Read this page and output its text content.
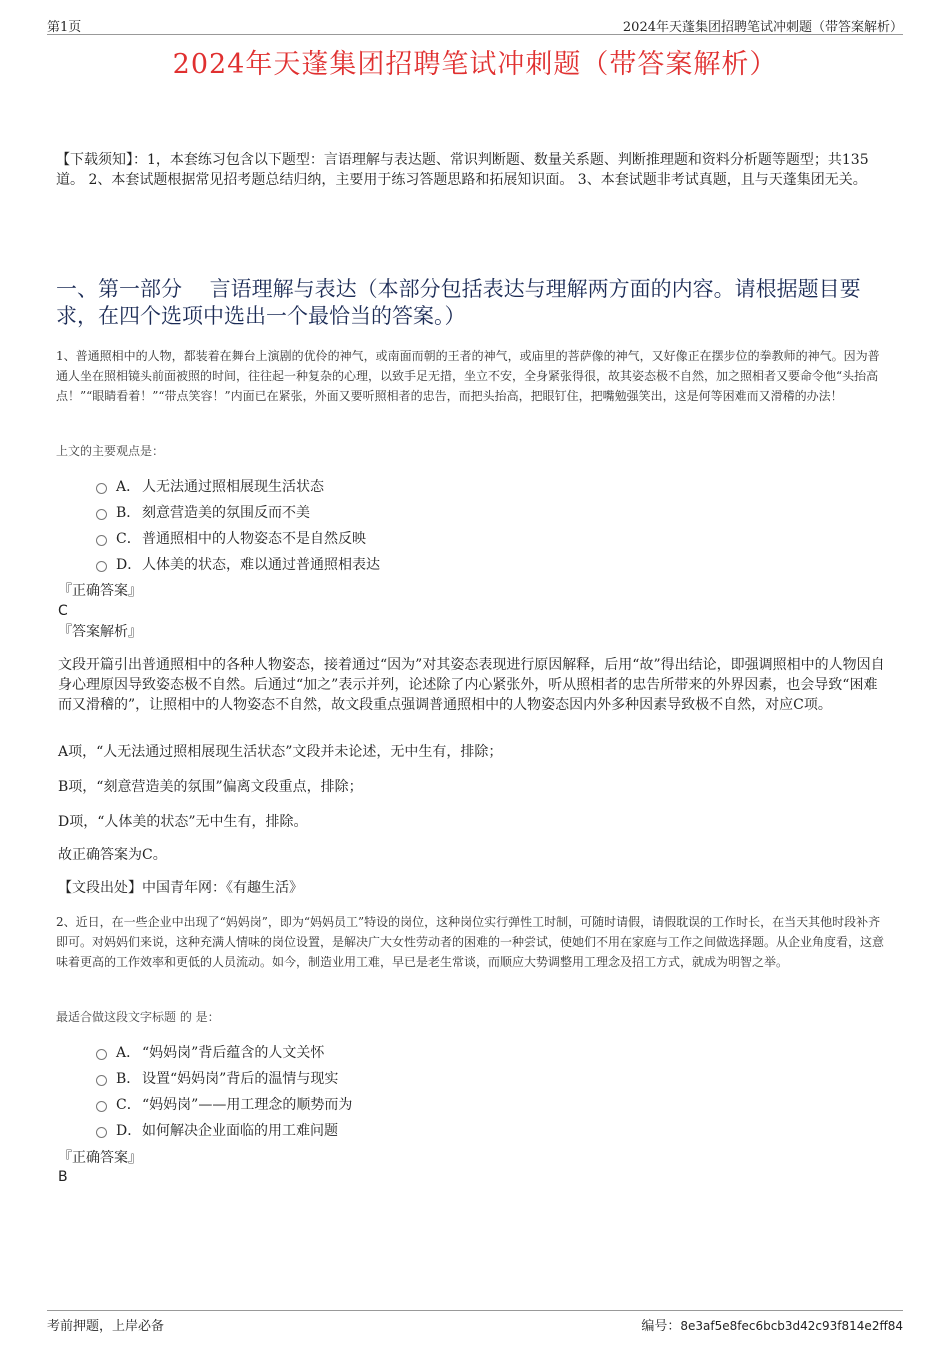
第1页	2024年天蓬集团招聘笔试冲刺题（带答案解析）
2024年天蓬集团招聘笔试冲刺题（带答案解析）
【下载须知】：1，本套练习包含以下题型：言语理解与表达题、常识判断题、数量关系题、判断推理题和资料分析题等题型；共135道。 2、本套试题根据常见招考题总结归纳，主要用于练习答题思路和拓展知识面。 3、本套试题非考试真题，且与天蓬集团无关。
一、第一部分　 言语理解与表达（本部分包括表达与理解两方面的内容。请根据题目要求，在四个选项中选出一个最恰当的答案。）
1、普通照相中的人物，都装着在舞台上演剧的优伶的神气，或南面而朝的王者的神气，或庙里的菩萨像的神气，又好像正在摆步位的拳教师的神气。因为普通人坐在照相镜头前面被照的时间，往往起一种复杂的心理，以致手足无措，坐立不安，全身紧张得很，故其姿态极不自然，加之照相者又要命令他“头抬高点！”“眼睛看着！”“带点笑容！”内面已在紧张，外面又要听照相者的忠告，而把头抬高，把眼钉住，把嘴勉强笑出，这是何等困难而又滑稽的办法！
上文的主要观点是：
A． 人无法通过照相展现生活状态
B． 刻意营造美的氛围反而不美
C． 普通照相中的人物姿态不是自然反映
D． 人体美的状态，难以通过普通照相表达
『正确答案』
C
『答案解析』
文段开篇引出普通照相中的各种人物姿态，接着通过“因为”对其姿态表现进行原因解释，后用“故”得出结论，即强调照相中的人物因自身心理原因导致姿态极不自然。后通过“加之”表示并列，论述除了内心紧张外，听从照相者的忠告所带来的外界因素，也会导致“困难而又滑稽的”，让照相中的人物姿态不自然，故文段重点强调普通照相中的人物姿态因内外多种因素导致极不自然，对应C项。
A项，“人无法通过照相展现生活状态”文段并未论述，无中生有，排除；
B项，“刻意营造美的氛围”偏离文段重点，排除；
D项，“人体美的状态”无中生有，排除。
故正确答案为C。
【文段出处】中国青年网：《有趣生活》
2、近日，在一些企业中出现了“妈妈岗”，即为“妈妈员工”特设的岗位，这种岗位实行弹性工时制，可随时请假，请假耽误的工作时长，在当天其他时段补齐即可。对妈妈们来说，这种充满人情味的岗位设置，是解决广大女性劳动者的困难的一种尝试，使她们不用在家庭与工作之间做选择题。从企业角度看，这意味着更高的工作效率和更低的人员流动。如今，制造业用工难，早已是老生常谈，而顺应大势调整用工理念及招工方式，就成为明智之举。
最适合做这段文字标题 的 是：
A． “妈妈岗”背后蕴含的人文关怀
B． 设置“妈妈岗”背后的温情与现实
C． “妈妈岗”——用工理念的顺势而为
D． 如何解决企业面临的用工难问题
『正确答案』
B
考前押题，上岸必备	编号：8e3af5e8fec6bcb3d42c93f814e2ff84
